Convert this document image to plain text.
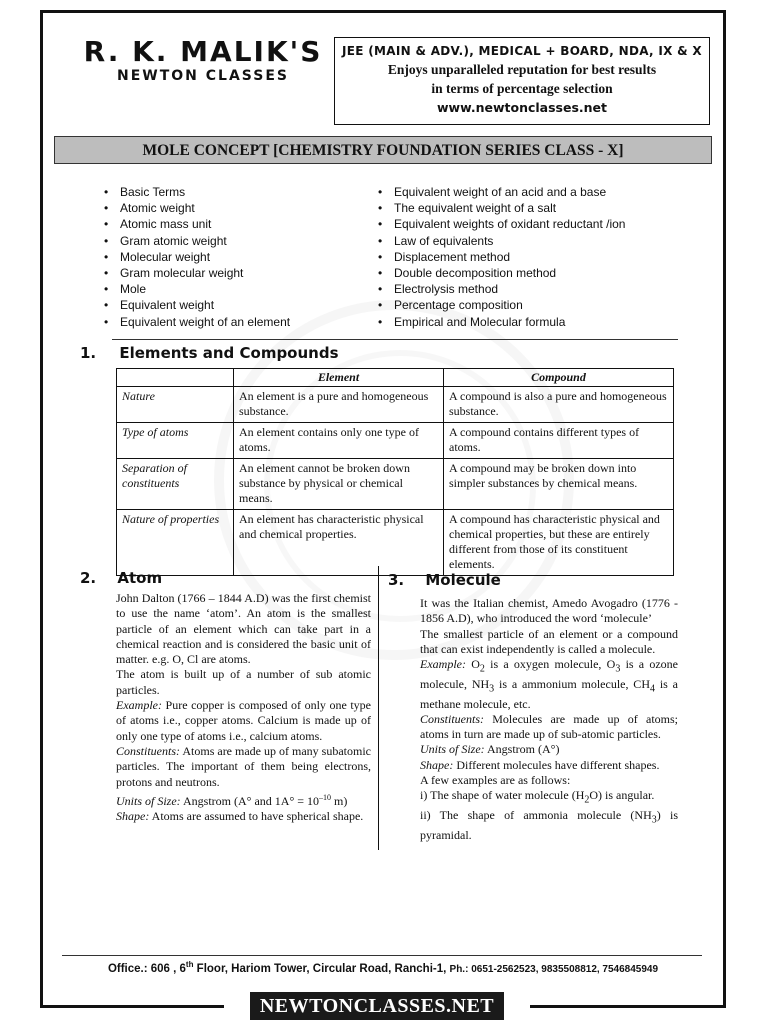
R. K. MALIK'S
NEWTON CLASSES
JEE (MAIN & ADV.), MEDICAL + BOARD, NDA, IX & X
Enjoys unparalleled reputation for best results
in terms of percentage selection
www.newtonclasses.net
MOLE CONCEPT [CHEMISTRY FOUNDATION SERIES CLASS - X]
• Basic Terms
• Atomic weight
• Atomic mass unit
• Gram atomic weight
• Molecular weight
• Gram molecular weight
• Mole
• Equivalent weight
• Equivalent weight of an element
• Equivalent weight of an acid and a base
• The equivalent weight of a salt
• Equivalent weights of oxidant reductant /ion
• Law of equivalents
• Displacement method
• Double decomposition method
• Electrolysis method
• Percentage composition
• Empirical and Molecular formula
1. Elements and Compounds
	Element	Compound
Nature	An element is a pure and homogeneous substance.	A compound is also a pure and homogeneous substance.
Type of atoms	An element contains only one type of atoms.	A compound contains different types of atoms.
Separation of constituents	An element cannot be broken down substance by physical or chemical means.	A compound may be broken down into simpler substances by chemical means.
Nature of properties	An element has characteristic physical and chemical properties.	A compound has characteristic physical and chemical properties, but these are entirely different from those of its constituent elements.
2. Atom

John Dalton (1766 – 1844 A.D) was the first chemist to use the name ‘atom’. An atom is the smallest particle of an element which can take part in a chemical reaction and is considered the basic unit of matter. e.g. O, Cl are atoms.

The atom is built up of a number of sub atomic particles.

Example: Pure copper is composed of only one type of atoms i.e., copper atoms. Calcium is made up of only one type of atoms i.e., calcium atoms.

Constituents: Atoms are made up of many subatomic particles. The important of them being electrons, protons and neutrons.

Units of Size: Angstrom (A° and $1A^\circ = 10^{-10}$ m)

Shape: Atoms are assumed to have spherical shape.

3. Molecule

It was the Italian chemist, Amedo Avogadro (1776 - 1856 A.D), who introduced the word ‘molecule’

The smallest particle of an element or a compound that can exist independently is called a molecule.

Example: $O_2$ is a oxygen molecule, $O_3$ is a ozone molecule, $NH_3$ is a ammonium molecule, $CH_4$ is a methane molecule, etc.

Constituents: Molecules are made up of atoms; atoms in turn are made up of sub-atomic particles.

Units of Size: Angstrom (A°)

Shape: Different molecules have different shapes.

A few examples are as follows:

i) The shape of water molecule $(H_2O)$ is angular.

ii) The shape of ammonia molecule $(NH_3)$ is pyramidal.

Office.: 606 , 6th Floor, Hariom Tower, Circular Road, Ranchi-1, Ph.: 0651-2562523, 9835508812, 7546845949
NEWTONCLASSES.NET
